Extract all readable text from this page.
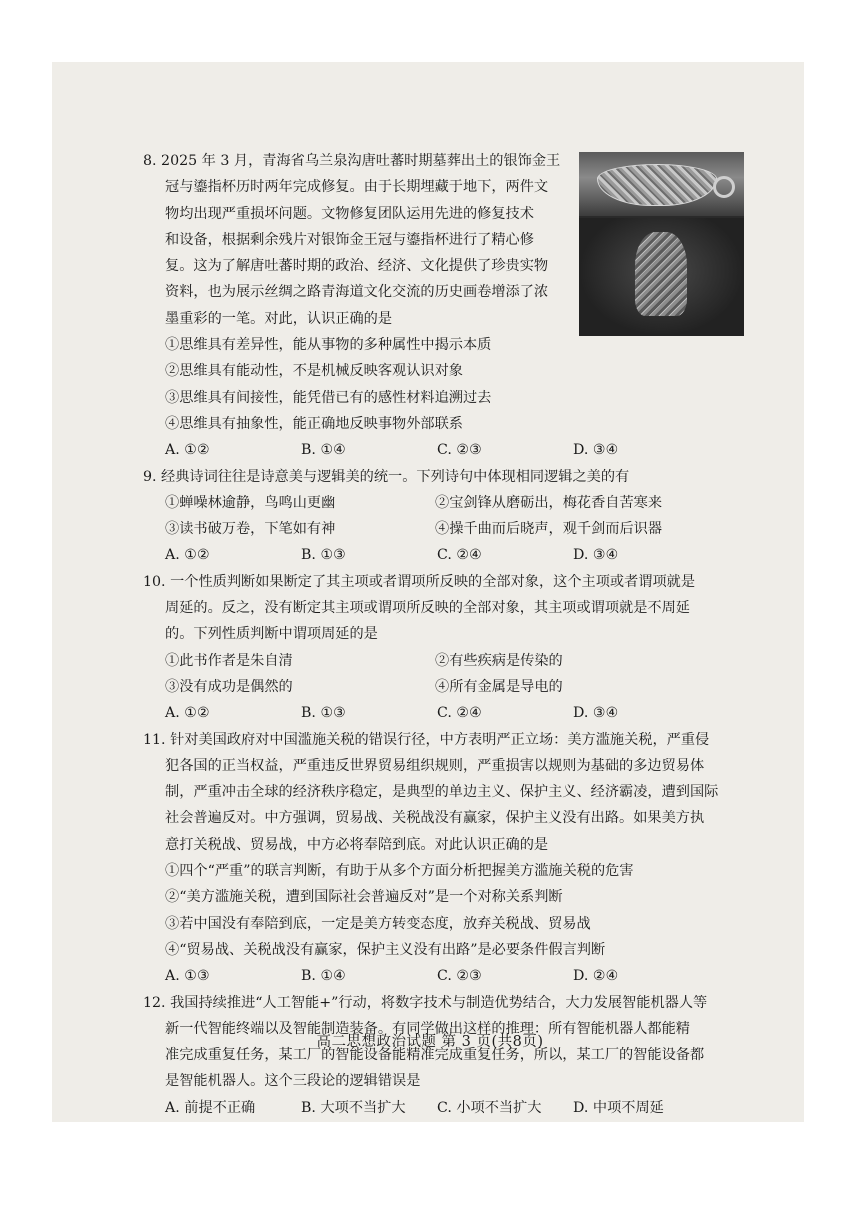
8. 2025 年 3 月，青海省乌兰泉沟唐吐蕃时期墓葬出土的银饰金王
冠与鎏指杯历时两年完成修复。由于长期埋藏于地下，两件文
物均出现严重损坏问题。文物修复团队运用先进的修复技术
和设备，根据剩余残片对银饰金王冠与鎏指杯进行了精心修
复。这为了解唐吐蕃时期的政治、经济、文化提供了珍贵实物
资料，也为展示丝绸之路青海道文化交流的历史画卷增添了浓
墨重彩的一笔。对此，认识正确的是
①思维具有差异性，能从事物的多种属性中揭示本质
②思维具有能动性，不是机械反映客观认识对象
③思维具有间接性，能凭借已有的感性材料追溯过去
④思维具有抽象性，能正确地反映事物外部联系
A. ①②	B. ①④	C. ②③	D. ③④
9. 经典诗词往往是诗意美与逻辑美的统一。下列诗句中体现相同逻辑之美的有
①蝉噪林逾静，鸟鸣山更幽	②宝剑锋从磨砺出，梅花香自苦寒来
③读书破万卷，下笔如有神	④操千曲而后晓声，观千剑而后识器
A. ①②	B. ①③	C. ②④	D. ③④
10. 一个性质判断如果断定了其主项或者谓项所反映的全部对象，这个主项或者谓项就是
周延的。反之，没有断定其主项或谓项所反映的全部对象，其主项或谓项就是不周延
的。下列性质判断中谓项周延的是
①此书作者是朱自清	②有些疾病是传染的
③没有成功是偶然的	④所有金属是导电的
A. ①②	B. ①③	C. ②④	D. ③④
11. 针对美国政府对中国滥施关税的错误行径，中方表明严正立场：美方滥施关税，严重侵
犯各国的正当权益，严重违反世界贸易组织规则，严重损害以规则为基础的多边贸易体
制，严重冲击全球的经济秩序稳定，是典型的单边主义、保护主义、经济霸凌，遭到国际
社会普遍反对。中方强调，贸易战、关税战没有赢家，保护主义没有出路。如果美方执
意打关税战、贸易战，中方必将奉陪到底。对此认识正确的是
①四个“严重”的联言判断，有助于从多个方面分析把握美方滥施关税的危害
②“美方滥施关税，遭到国际社会普遍反对”是一个对称关系判断
③若中国没有奉陪到底，一定是美方转变态度，放弃关税战、贸易战
④“贸易战、关税战没有赢家，保护主义没有出路”是必要条件假言判断
A. ①③	B. ①④	C. ②③	D. ②④
12. 我国持续推进“人工智能+”行动，将数字技术与制造优势结合，大力发展智能机器人等
新一代智能终端以及智能制造装备。有同学做出这样的推理：所有智能机器人都能精
准完成重复任务，某工厂的智能设备能精准完成重复任务，所以，某工厂的智能设备都
是智能机器人。这个三段论的逻辑错误是
A. 前提不正确	B. 大项不当扩大	C. 小项不当扩大	D. 中项不周延
高二思想政治试题 第 3 页(共8页)
